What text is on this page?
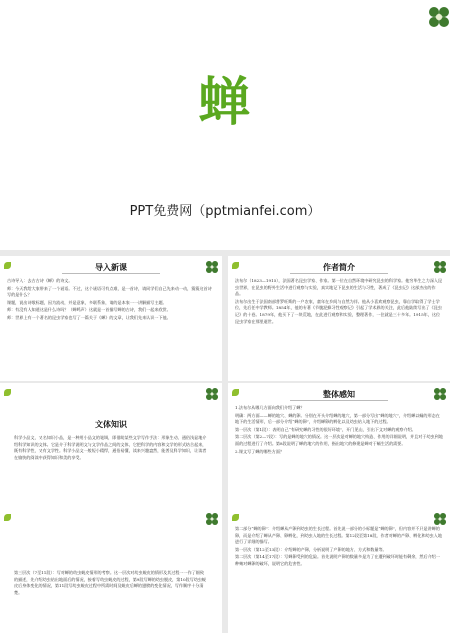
蝉
PPT免费网（pptmianfei.com）
导入新课

古诗导入：去古古诗《蝉》的诗文。

师：今天我给大家带来了一个谜语。不过，这个谜语可有点难，是一首诗，请同学们自己先来动一动，猜猜这首诗写的是什么？

课题，说出诗歌标题，因为流动，并是意象，多联系象，请的是本家一一讲解描写主题。

师：有没有人知道这是什么诗吗？（蝉鸣声）这就是一首描写蝉的古诗，我们一起来欣赏。

师：世界上有一个著名的昆虫学家也写了一篇关于《蝉》的文章，让我们先来认识一下他。

作者简介

法布尔（1823—1915），法国著名昆虫学家、作家。第一位在自然环境中研究昆虫的科学家。他穷毕生之力深入昆虫世界，在昆虫的野外生活中进行观察与实验，真实地记下昆虫的生活与习性，著成了《昆虫记》这部杰出的作品。

法布尔出生于法国南部普罗旺斯的一户农家，童年在乡间与自然为伴。他从小喜欢观察昆虫，靠自学取得了学士学位，先后任中学教师。1854年，他的专著《节腹泥蜂习性观察记》引起了学术界的关注，此后他陆续写出了《昆虫记》的十卷。1879年，他买下了一块荒地，在此进行观察和实验，整理著作，一住就是三十多年。1915年，这位昆虫学家在那里逝世。

文体知识

科学小品文，又名知识小品，是一种用小品文的笔调，即借助某些文学写作手法：形象生动、通俗浅显地介绍科学知识的文体。它是介于科学说明文与文学作品之间的文体，它把科学的内容和文学的形式结合起来，既有科学性，又有文学性。科学小品文一般短小精悍，通俗易懂，读来兴趣盎然，能普及科学知识，让读者在愉快的阅读中获得知识和美的享受。

整体感知

1.法布尔从哪几方面向我们介绍了蝉？

明确：两方面——蝉的地穴、蝉的卵。分别在开头介绍蝉的地穴，第一部分写出“蝉的地穴”，介绍蝉以蛹的形态在地下的生活情形，后一部分介绍“蝉的卵”，介绍蝉卵的孵化以及幼虫钻入地下的过程。

第一层次（第1段）：表明自己“有研究蝉的习性的很好环境”，开门见山，引出下文对蝉的观察介绍。

第二层次（第2—7段）：写的是蝉的地穴的情况。这一层次是对蝉的地穴构造、作用的详细说明，并且对于幼虫到地面的过程进行了介绍。第8段说明了蝉的地穴的作用，指出地穴的修建是蝉对于蛹生活的需要。

2.课文写了蝉的哪些方面？

第三层次（7至11段）：写对蝉的幼虫蜕皮情形的考察。这一层次对幼虫蜕皮的情形及其过程一一作了细致的描述，先介绍幼虫钻出地面后的情况，接着写幼虫蜕皮的过程，第9段写蝉的幼虫脱皮，第10段写幼虫蜕皮后身体变化的情况，第11段写幼虫蜕皮过程中所需时间及蜕皮后蝉的翅膀的变化情况，写作顺序十分清楚。

第二部分“蝉的卵”：介绍蝉从产卵到幼虫的生长过程。首先说一部分的小标题是“蝉的卵”，但内容并不只是讲蝉的卵，而是介绍了蝉从产卵、卵孵化，到幼虫入地的生长过程。第12段至第18段，作者对蝉的产卵、孵化和幼虫入地进行了详细的描写。

第一层次（第12至13段）：介绍蝉的产卵，分析说明了产卵的地方、方式和数量等。

第二层次（第14至17段）：写蝉卵受到的危险。首先说明产卵的数量多是为了在遭到破坏时能有剩余，然后介绍一种蚋对蝉卵的破坏，说明它的危害性。
